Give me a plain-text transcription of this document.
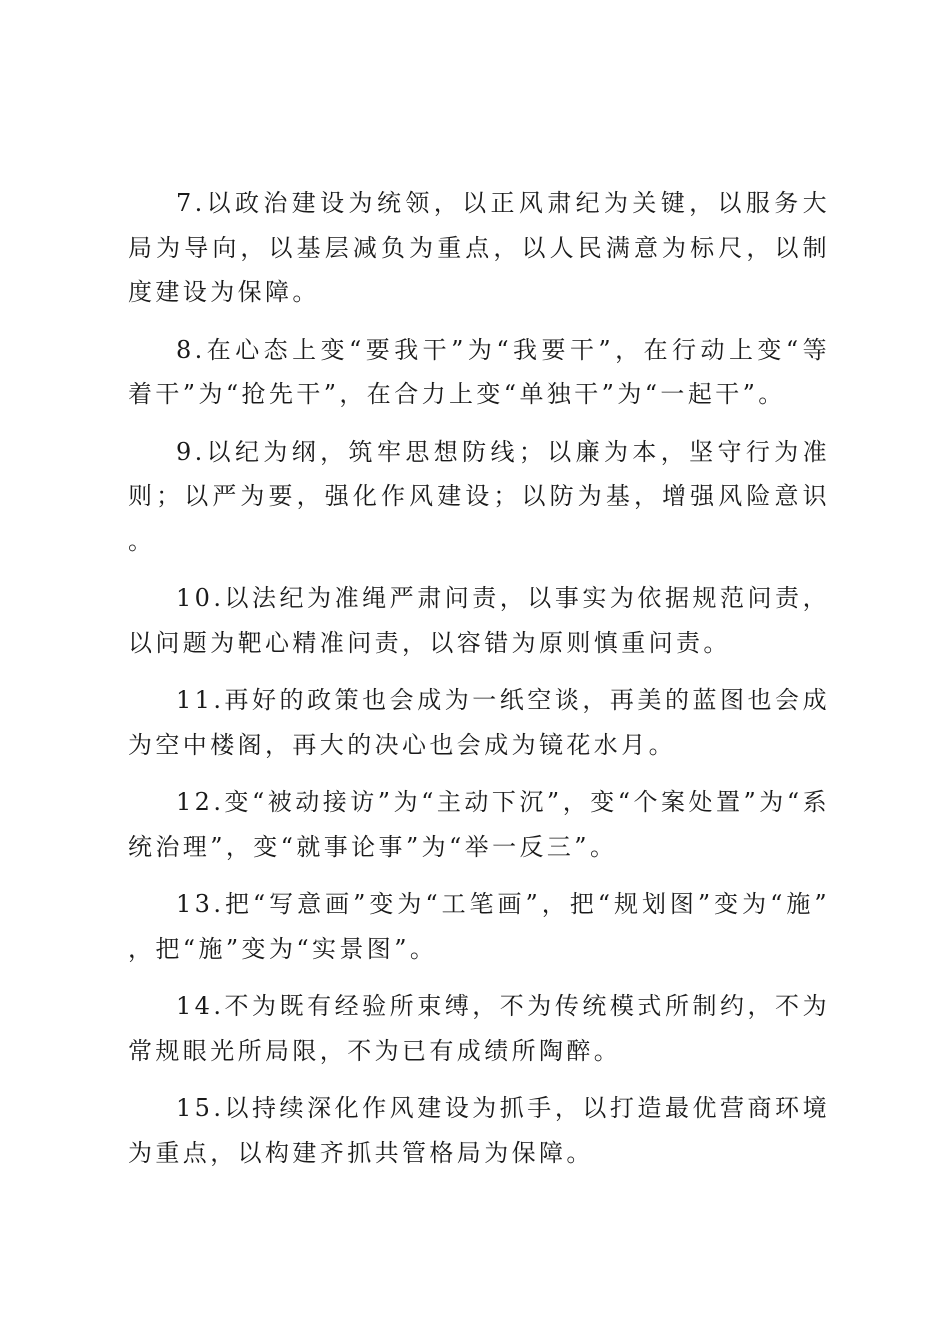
7.以政治建设为统领，以正风肃纪为关键，以服务大局为导向，以基层减负为重点，以人民满意为标尺，以制度建设为保障。

8.在心态上变“要我干”为“我要干”，在行动上变“等着干”为“抢先干”，在合力上变“单独干”为“一起干”。

9.以纪为纲，筑牢思想防线；以廉为本，坚守行为准则；以严为要，强化作风建设；以防为基，增强风险意识。

10.以法纪为准绳严肃问责，以事实为依据规范问责，以问题为靶心精准问责，以容错为原则慎重问责。

11.再好的政策也会成为一纸空谈，再美的蓝图也会成为空中楼阁，再大的决心也会成为镜花水月。

12.变“被动接访”为“主动下沉”，变“个案处置”为“系统治理”，变“就事论事”为“举一反三”。

13.把“写意画”变为“工笔画”，把“规划图”变为“施”，把“施”变为“实景图”。

14.不为既有经验所束缚，不为传统模式所制约，不为常规眼光所局限，不为已有成绩所陶醉。

15.以持续深化作风建设为抓手，以打造最优营商环境为重点，以构建齐抓共管格局为保障。
